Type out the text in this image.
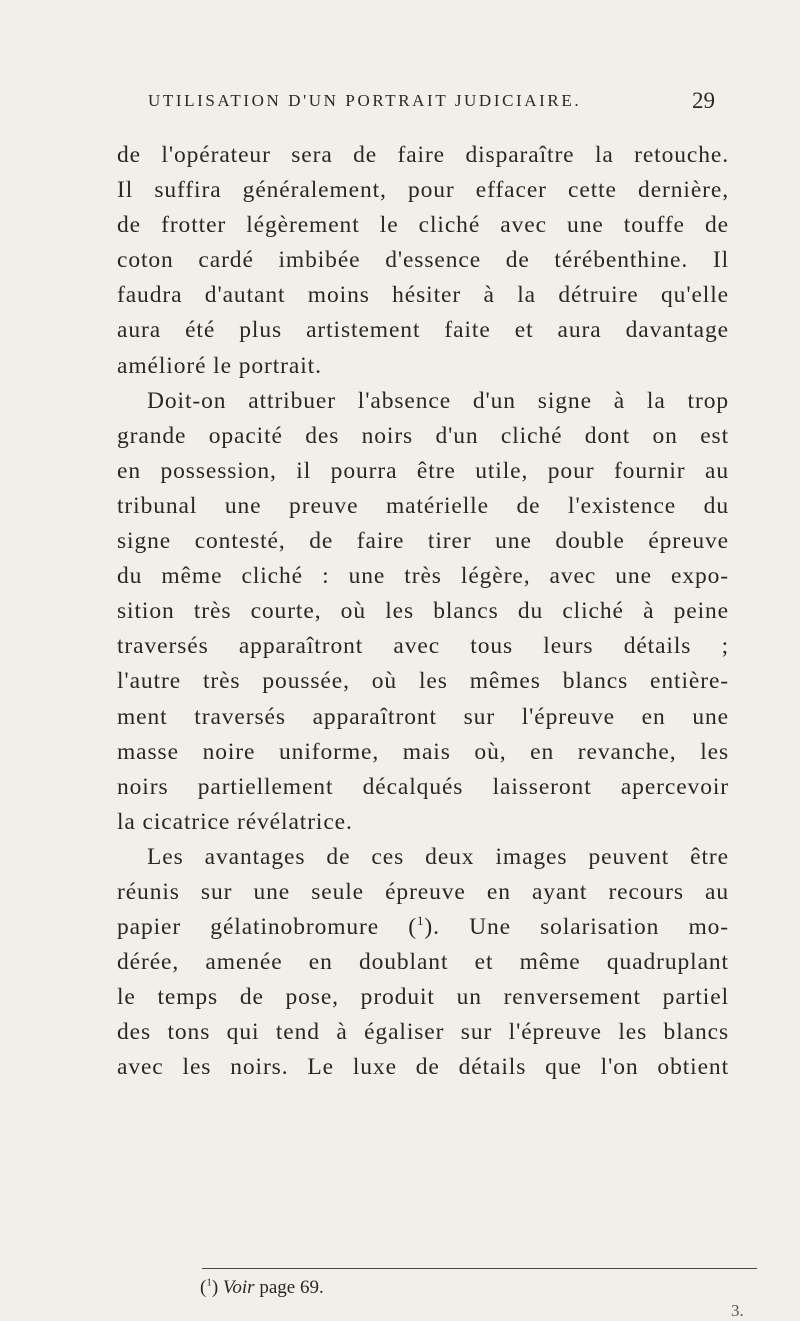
UTILISATION D'UN PORTRAIT JUDICIAIRE.	29
de l'opérateur sera de faire disparaître la retouche.
Il suffira généralement, pour effacer cette dernière,
de frotter légèrement le cliché avec une touffe de
coton cardé imbibée d'essence de térébenthine. Il
faudra d'autant moins hésiter à la détruire qu'elle
aura été plus artistement faite et aura davantage
amélioré le portrait.
Doit-on attribuer l'absence d'un signe à la trop
grande opacité des noirs d'un cliché dont on est
en possession, il pourra être utile, pour fournir au
tribunal une preuve matérielle de l'existence du
signe contesté, de faire tirer une double épreuve
du même cliché : une très légère, avec une expo-
sition très courte, où les blancs du cliché à peine
traversés apparaîtront avec tous leurs détails ;
l'autre très poussée, où les mêmes blancs entière-
ment traversés apparaîtront sur l'épreuve en une
masse noire uniforme, mais où, en revanche, les
noirs partiellement décalqués laisseront apercevoir
la cicatrice révélatrice.
Les avantages de ces deux images peuvent être
réunis sur une seule épreuve en ayant recours au
papier gélatinobromure ($^1$). Une solarisation mo-
dérée, amenée en doublant et même quadruplant
le temps de pose, produit un renversement partiel
des tons qui tend à égaliser sur l'épreuve les blancs
avec les noirs. Le luxe de détails que l'on obtient
($^1$) Voir page 69.
3.
